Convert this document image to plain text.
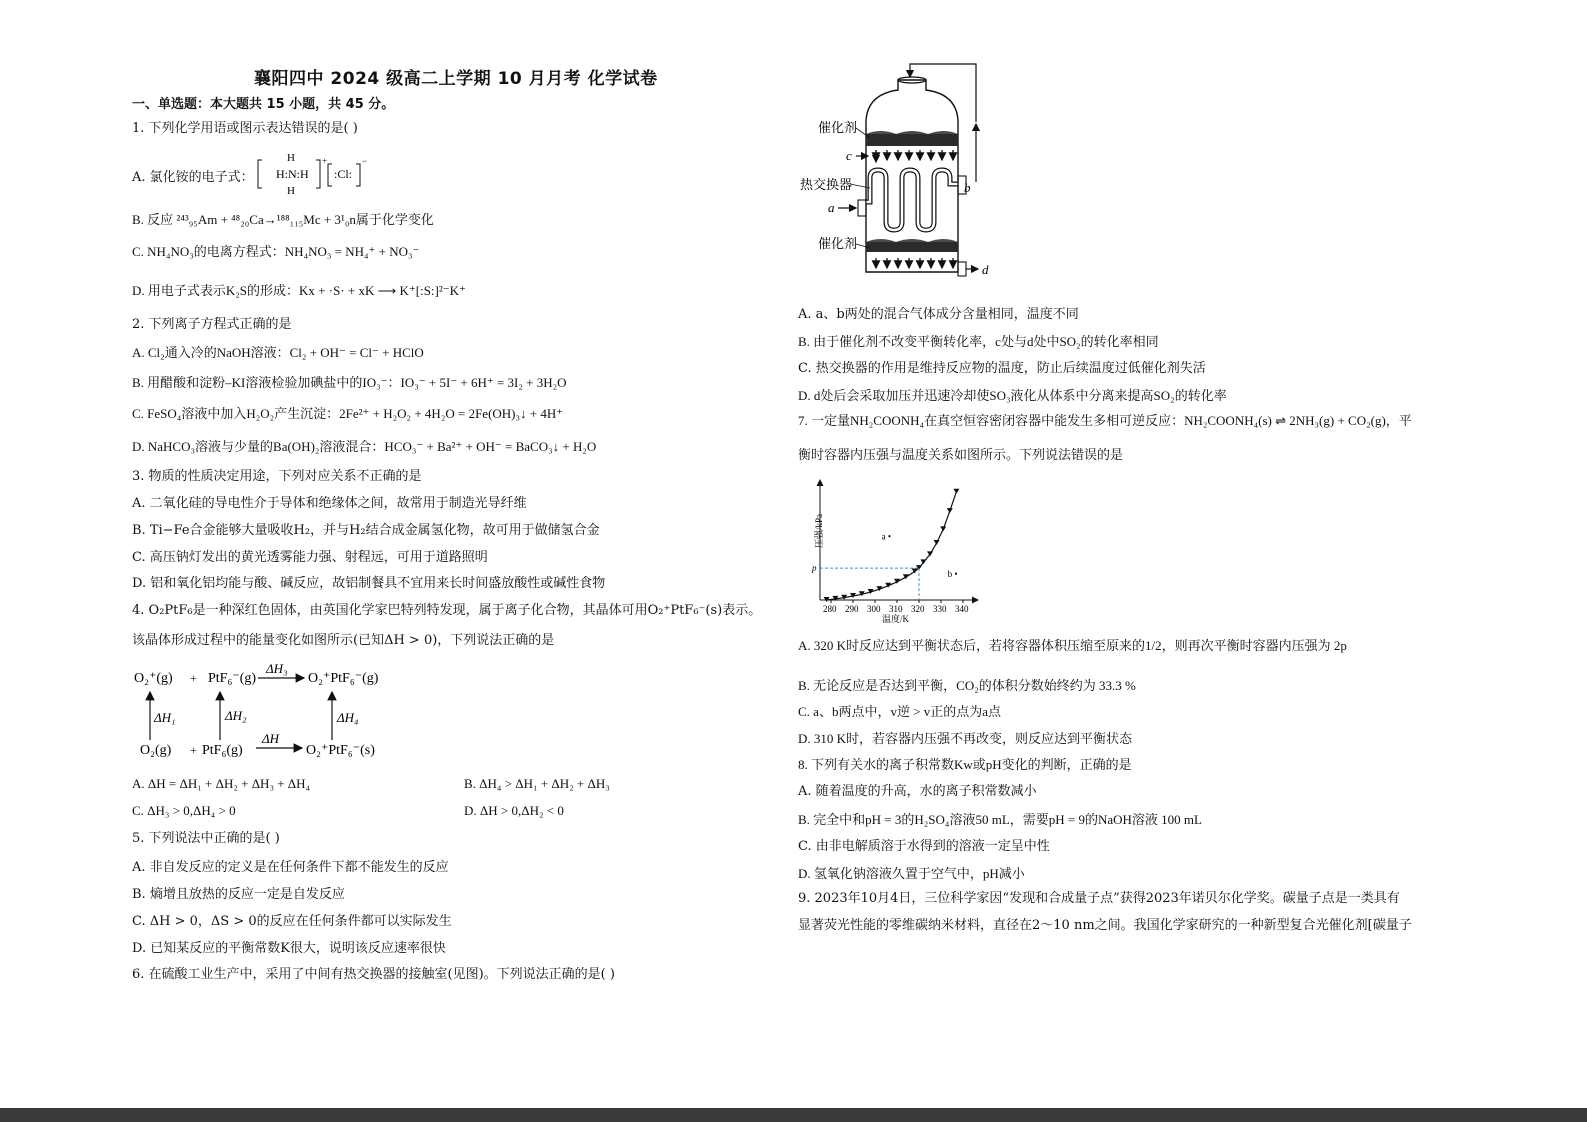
襄阳四中 2024 级高二上学期 10 月月考 化学试卷
一、单选题：本大题共 15 小题，共 45 分。
1. 下列化学用语或图示表达错误的是( )
A. 氯化铵的电子式：
H
H:N:H
H
+
:Cl:
−
B. 反应 ²⁴³₉₅Am + ⁴⁸₂₀Ca→¹⁸⁸₁₁₅Mc + 3¹₀n属于化学变化
C. NH₄NO₃的电离方程式：NH₄NO₃ = NH₄⁺ + NO₃⁻
D. 用电子式表示K₂S的形成：Kx + ·S· + xK ⟶ K⁺[:S:]²⁻K⁺
2. 下列离子方程式正确的是
A. Cl₂通入冷的NaOH溶液：Cl₂ + OH⁻ = Cl⁻ + HClO
B. 用醋酸和淀粉–KI溶液检验加碘盐中的IO₃⁻：IO₃⁻ + 5I⁻ + 6H⁺ = 3I₂ + 3H₂O
C. FeSO₄溶液中加入H₂O₂产生沉淀：2Fe²⁺ + H₂O₂ + 4H₂O = 2Fe(OH)₃↓ + 4H⁺
D. NaHCO₃溶液与少量的Ba(OH)₂溶液混合：HCO₃⁻ + Ba²⁺ + OH⁻ = BaCO₃↓ + H₂O
3. 物质的性质决定用途，下列对应关系不正确的是
A. 二氧化硅的导电性介于导体和绝缘体之间，故常用于制造光导纤维
B. Ti−Fe合金能够大量吸收H₂，并与H₂结合成金属氢化物，故可用于做储氢合金
C. 高压钠灯发出的黄光透雾能力强、射程远，可用于道路照明
D. 铝和氧化铝均能与酸、碱反应，故铝制餐具不宜用来长时间盛放酸性或碱性食物
4. O₂PtF₆是一种深红色固体，由英国化学家巴特列特发现，属于离子化合物，其晶体可用O₂⁺PtF₆⁻(s)表示。
该晶体形成过程中的能量变化如图所示(已知ΔH > 0)，下列说法正确的是
O₂⁺(g) + PtF₆⁻(g)
ΔH₃
O₂⁺PtF₆⁻(g)
ΔH₁	ΔH₂	ΔH₄
O₂(g) + PtF₆(g)
ΔH
O₂⁺PtF₆⁻(s)
A. ΔH = ΔH₁ + ΔH₂ + ΔH₃ + ΔH₄	B. ΔH₄ > ΔH₁ + ΔH₂ + ΔH₃
C. ΔH₃ > 0,ΔH₄ > 0	D. ΔH > 0,ΔH₂ < 0
5. 下列说法中正确的是( )
A. 非自发反应的定义是在任何条件下都不能发生的反应
B. 熵增且放热的反应一定是自发反应
C. ΔH > 0，ΔS > 0的反应在任何条件都可以实际发生
D. 已知某反应的平衡常数K很大，说明该反应速率很快
6. 在硫酸工业生产中，采用了中间有热交换器的接触室(见图)。下列说法正确的是( )
催化剂
c
热交换器
a
b
催化剂
d
A. a、b两处的混合气体成分含量相同，温度不同
B. 由于催化剂不改变平衡转化率，c处与d处中SO₂的转化率相同
C. 热交换器的作用是维持反应物的温度，防止后续温度过低催化剂失活
D. d处后会采取加压并迅速冷却使SO₃液化从体系中分离来提高SO₂的转化率
7. 一定量NH₂COONH₄在真空恒容密闭容器中能发生多相可逆反应：NH₂COONH₄(s) ⇌ 2NH₃(g) + CO₂(g)，平
衡时容器内压强与温度关系如图所示。下列说法错误的是
压强/kPa
温度/K
280 290 300 310 320 330 340
p
a •
b •
A. 320 K时反应达到平衡状态后，若将容器体积压缩至原来的1/2，则再次平衡时容器内压强为 2p
B. 无论反应是否达到平衡，CO₂的体积分数始终约为 33.3 %
C. a、b两点中，v逆 > v正的点为a点
D. 310 K时，若容器内压强不再改变，则反应达到平衡状态
8. 下列有关水的离子积常数Kw或pH变化的判断，正确的是
A. 随着温度的升高，水的离子积常数减小
B. 完全中和pH = 3的H₂SO₄溶液50 mL，需要pH = 9的NaOH溶液 100 mL
C. 由非电解质溶于水得到的溶液一定呈中性
D. 氢氧化钠溶液久置于空气中，pH减小
9. 2023年10月4日，三位科学家因“发现和合成量子点”获得2023年诺贝尔化学奖。碳量子点是一类具有
显著荧光性能的零维碳纳米材料，直径在2～10 nm之间。我国化学家研究的一种新型复合光催化剂[碳量子
